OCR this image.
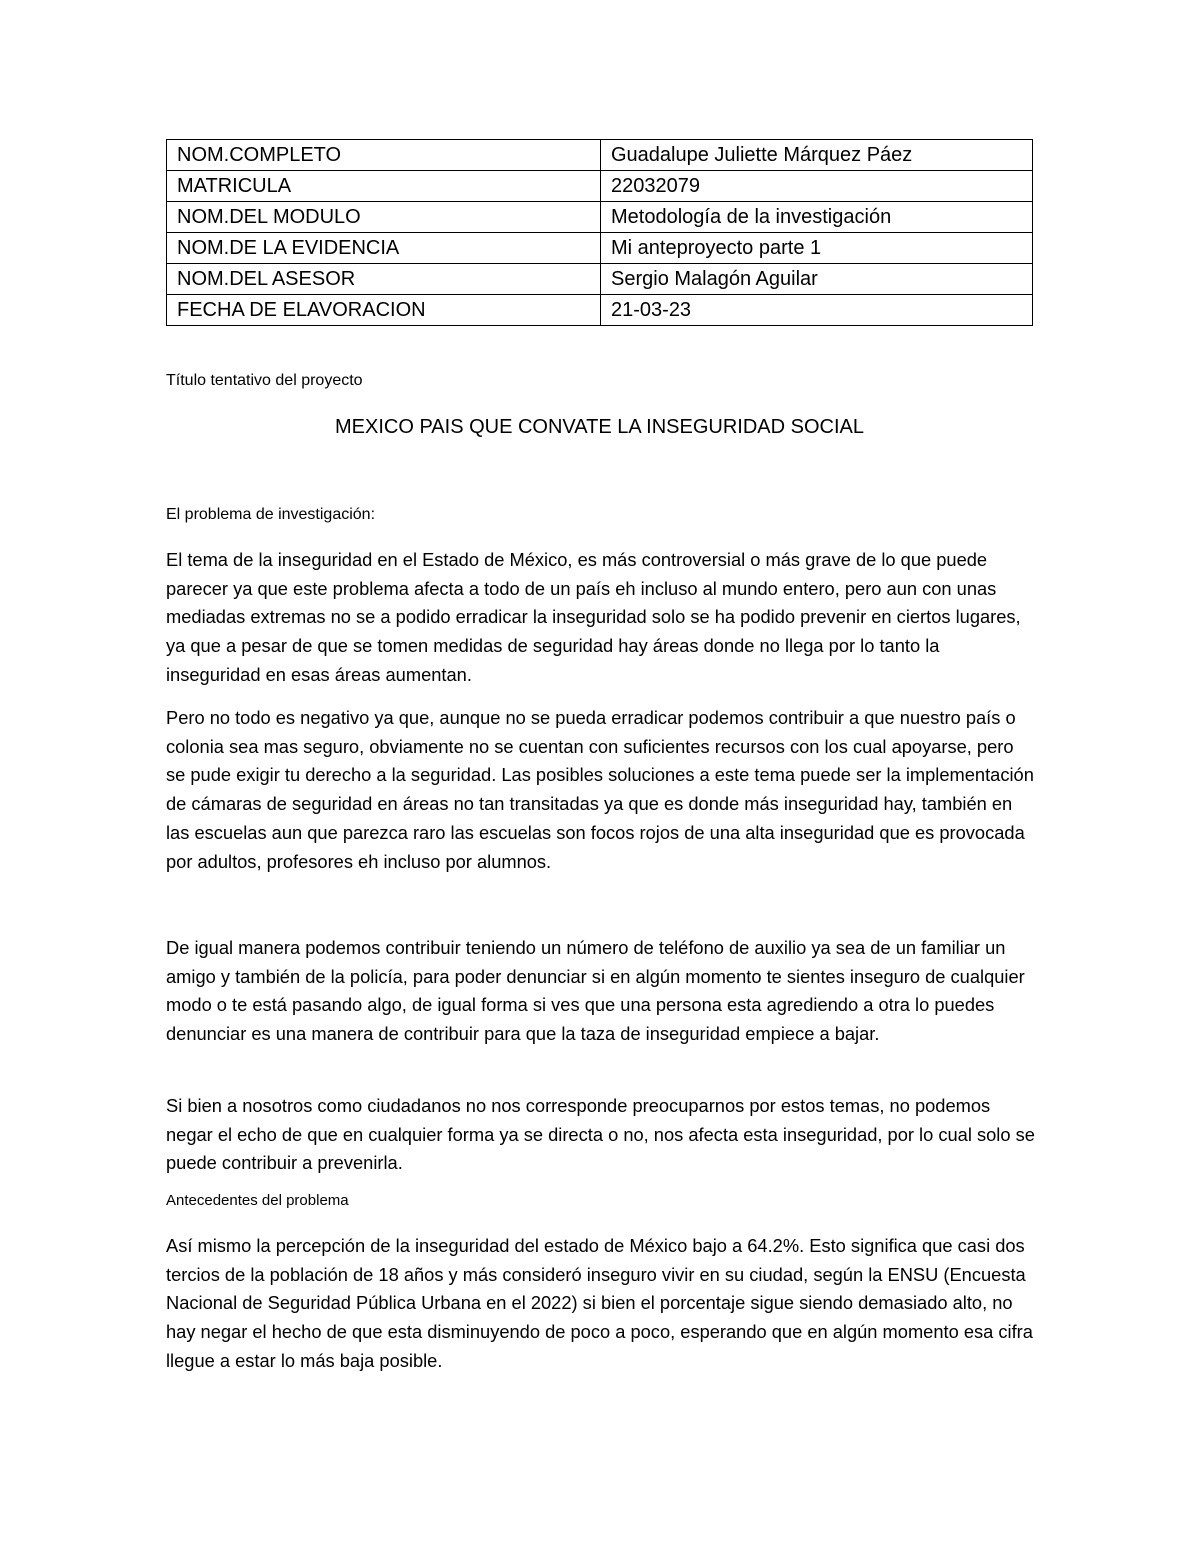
NOM.COMPLETO	Guadalupe Juliette Márquez Páez
MATRICULA	22032079
NOM.DEL MODULO	Metodología de la investigación
NOM.DE LA EVIDENCIA	Mi anteproyecto parte 1
NOM.DEL ASESOR	Sergio Malagón Aguilar
FECHA DE ELAVORACION	21-03-23
Título tentativo del proyecto
MEXICO PAIS QUE CONVATE LA INSEGURIDAD SOCIAL
El problema de investigación:

El tema de la inseguridad en el Estado de México, es más controversial o más grave de lo que puede parecer ya que este problema afecta a todo de un país eh incluso al mundo entero, pero aun con unas mediadas extremas no se a podido erradicar la inseguridad solo se ha podido prevenir en ciertos lugares, ya que a pesar de que se tomen medidas de seguridad hay áreas donde no llega por lo tanto la inseguridad en esas áreas aumentan.

Pero no todo es negativo ya que, aunque no se pueda erradicar podemos contribuir a que nuestro país o colonia sea mas seguro, obviamente no se cuentan con suficientes recursos con los cual apoyarse, pero se pude exigir tu derecho a la seguridad. Las posibles soluciones a este tema puede ser la implementación de cámaras de seguridad en áreas no tan transitadas ya que es donde más inseguridad hay, también en las escuelas aun que parezca raro las escuelas son focos rojos de una alta inseguridad que es provocada por adultos, profesores eh incluso por alumnos.

De igual manera podemos contribuir teniendo un número de teléfono de auxilio ya sea de un familiar un amigo y también de la policía, para poder denunciar si en algún momento te sientes inseguro de cualquier modo o te está pasando algo, de igual forma si ves que una persona esta agrediendo a otra lo puedes denunciar es una manera de contribuir para que la taza de inseguridad empiece a bajar.

Si bien a nosotros como ciudadanos no nos corresponde preocuparnos por estos temas, no podemos negar el echo de que en cualquier forma ya se directa o no, nos afecta esta inseguridad, por lo cual solo se puede contribuir a prevenirla.

Antecedentes del problema

Así mismo la percepción de la inseguridad del estado de México bajo a 64.2%. Esto significa que casi dos tercios de la población de 18 años y más consideró inseguro vivir en su ciudad, según la ENSU (Encuesta Nacional de Seguridad Pública Urbana en el 2022) si bien el porcentaje sigue siendo demasiado alto, no hay negar el hecho de que esta disminuyendo de poco a poco, esperando que en algún momento esa cifra llegue a estar lo más baja posible.
